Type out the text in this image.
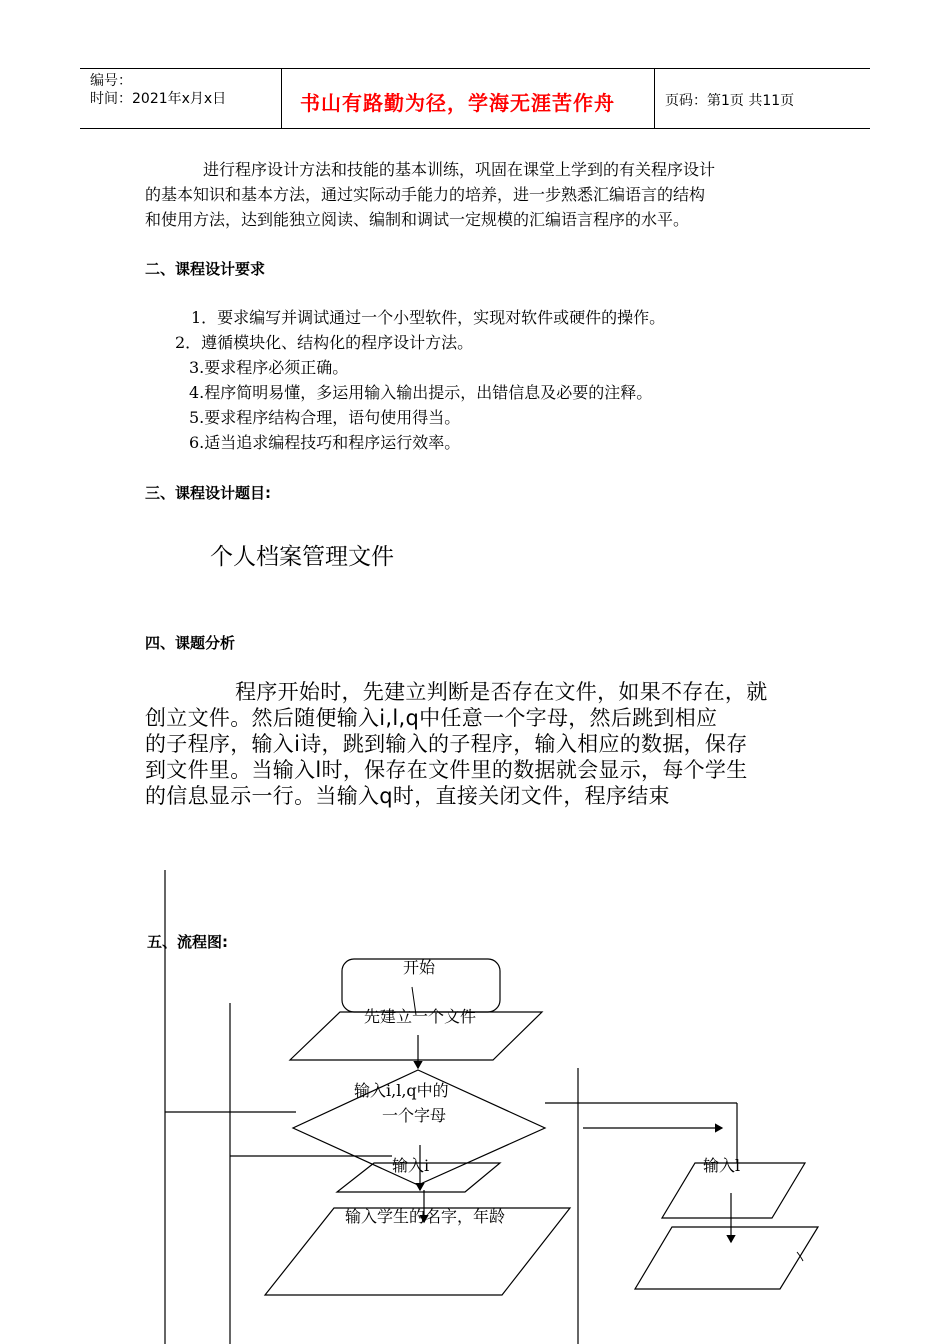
编号：
时间：2021年x月x日	书山有路勤为径，学海无涯苦作舟	页码：第1页 共11页
进行程序设计方法和技能的基本训练，巩固在课堂上学到的有关程序设计
的基本知识和基本方法，通过实际动手能力的培养，进一步熟悉汇编语言的结构
和使用方法，达到能独立阅读、编制和调试一定规模的汇编语言程序的水平。
二、课程设计要求
1．要求编写并调试通过一个小型软件，实现对软件或硬件的操作。
2．遵循模块化、结构化的程序设计方法。
3.要求程序必须正确。
4.程序简明易懂，多运用输入输出提示，出错信息及必要的注释。
5.要求程序结构合理，语句使用得当。
6.适当追求编程技巧和程序运行效率。
三、课程设计题目:
个人档案管理文件
四、课题分析
程序开始时，先建立判断是否存在文件，如果不存在，就
创立文件。然后随便输入i,l,q中任意一个字母，然后跳到相应
的子程序，输入i诗，跳到输入的子程序，输入相应的数据，保存
到文件里。当输入l时，保存在文件里的数据就会显示，每个学生
的信息显示一行。当输入q时，直接关闭文件，程序结束
五、流程图:
开始
先建立一个文件
输入i,l,q中的
一个字母
输入i
输入学生的名字，年龄
输入l
